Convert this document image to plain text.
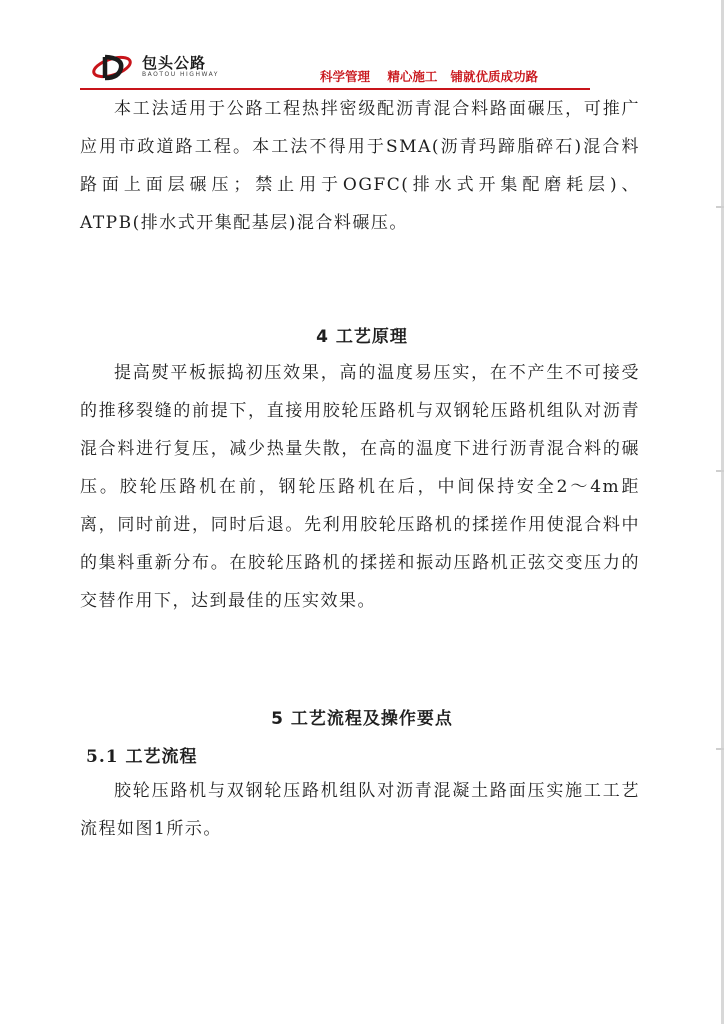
包头公路
BAOTOU HIGHWAY	科学管理    精心施工   铺就优质成功路

本工法适用于公路工程热拌密级配沥青混合料路面碾压，可推广应用市政道路工程。本工法不得用于SMA(沥青玛蹄脂碎石)混合料路面上面层碾压；禁止用于OGFC(排水式开集配磨耗层)、ATPB(排水式开集配基层)混合料碾压。

4 工艺原理

提高熨平板振捣初压效果，高的温度易压实，在不产生不可接受的推移裂缝的前提下，直接用胶轮压路机与双钢轮压路机组队对沥青混合料进行复压，减少热量失散，在高的温度下进行沥青混合料的碾压。胶轮压路机在前，钢轮压路机在后，中间保持安全2～4m距离，同时前进，同时后退。先利用胶轮压路机的揉搓作用使混合料中的集料重新分布。在胶轮压路机的揉搓和振动压路机正弦交变压力的交替作用下，达到最佳的压实效果。

5 工艺流程及操作要点
5.1 工艺流程

胶轮压路机与双钢轮压路机组队对沥青混凝土路面压实施工工艺流程如图1所示。
